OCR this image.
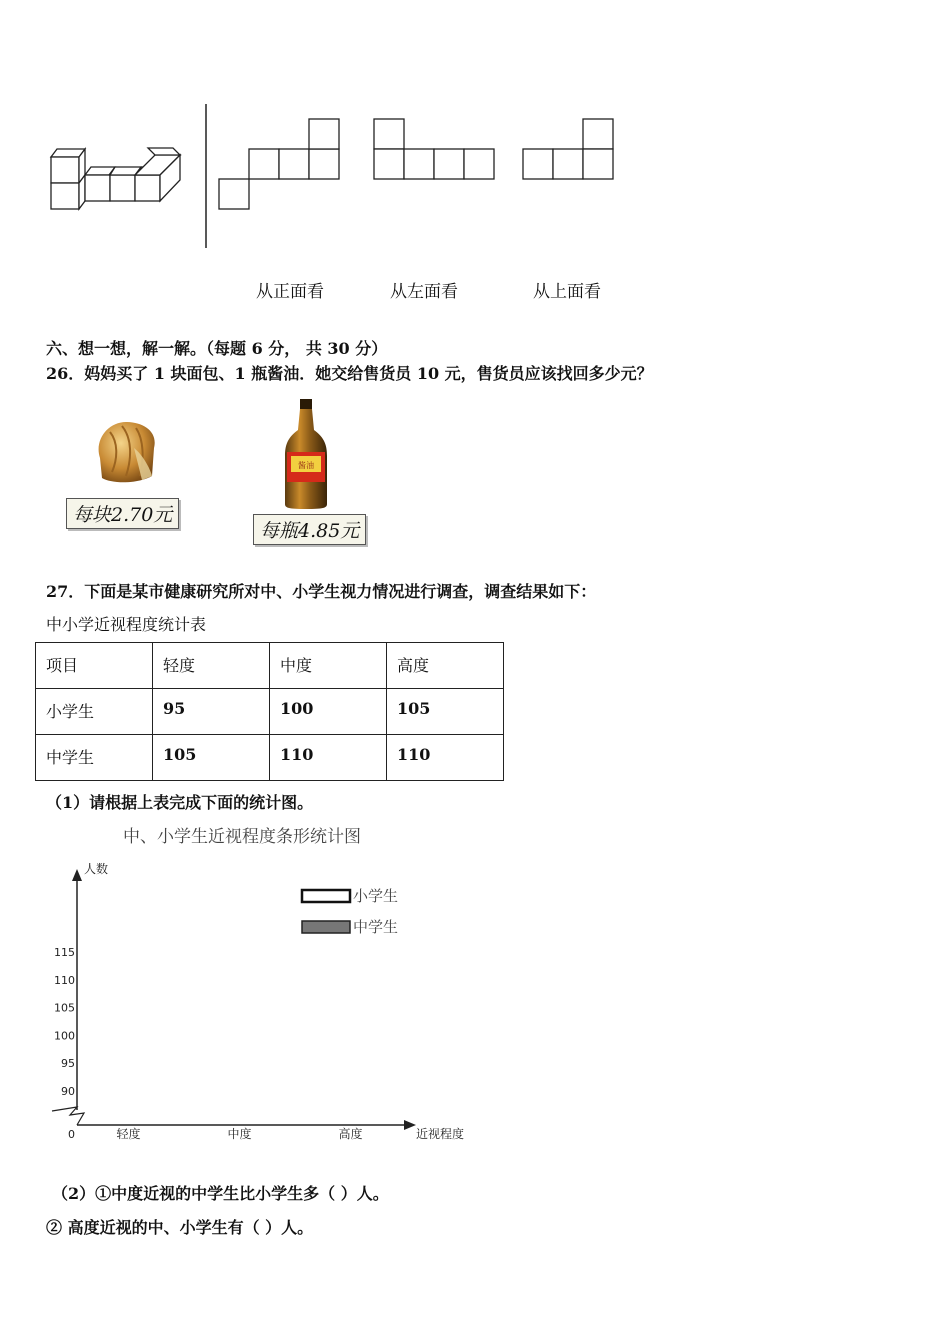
从正面看	从左面看	从上面看
六、想一想，解一解。（每题 6 分， 共 30 分）
26．妈妈买了 1 块面包、1 瓶酱油．她交给售货员 10 元，售货员应该找回多少元？
每块2.70元
酱油
每瓶4.85元
27．下面是某市健康研究所对中、小学生视力情况进行调查，调查结果如下：
中小学近视程度统计表
项目	轻度	中度	高度

小学生	95	100	105

中学生	105	110	110
（1）请根据上表完成下面的统计图。
中、小学生近视程度条形统计图
人数
近视程度
0
小学生
中学生
115
110
105
100
95
90
轻度	中度	高度
（2）①中度近视的中学生比小学生多（ ）人。
② 高度近视的中、小学生有（ ）人。
